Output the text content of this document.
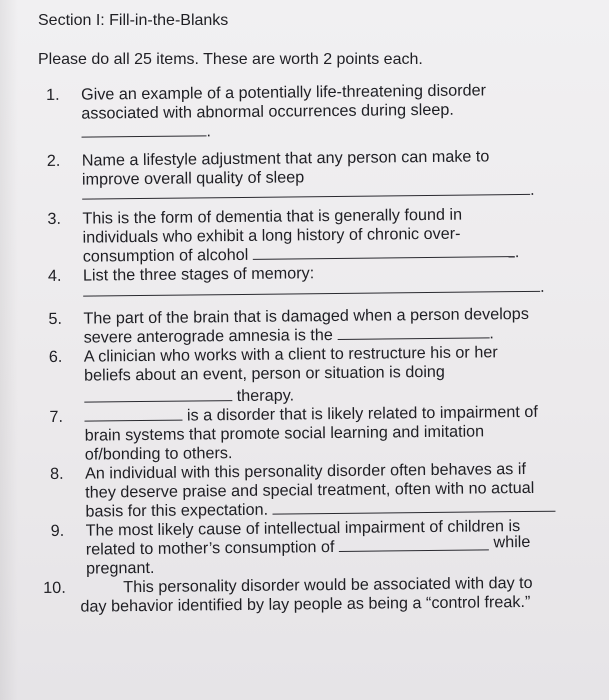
Section I: Fill-in-the-Blanks
Please do all 25 items. These are worth 2 points each.
1. Give an example of a potentially life-threatening disorder
associated with abnormal occurrences during sleep.
.
2. Name a lifestyle adjustment that any person can make to
improve overall quality of sleep
.
3. This is the form of dementia that is generally found in
individuals who exhibit a long history of chronic over-
consumption of alcohol	.
4. List the three stages of memory:
.
5. The part of the brain that is damaged when a person develops
severe anterograde amnesia is the	.
6. A clinician who works with a client to restructure his or her
beliefs about an event, person or situation is doing
therapy.
7.	is a disorder that is likely related to impairment of
brain systems that promote social learning and imitation
of/bonding to others.
8. An individual with this personality disorder often behaves as if
they deserve praise and special treatment, often with no actual
basis for this expectation.
9. The most likely cause of intellectual impairment of children is
related to mother’s consumption of	while
pregnant.
10.	This personality disorder would be associated with day to
day behavior identified by lay people as being a “control freak.”
